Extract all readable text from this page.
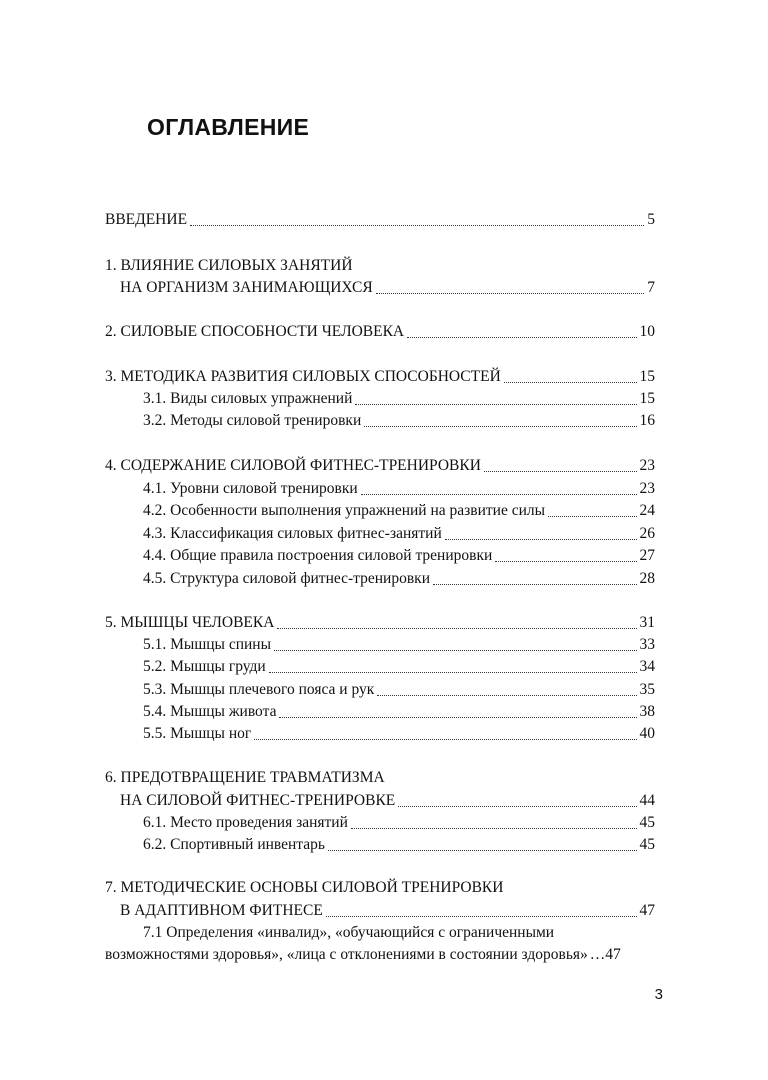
ОГЛАВЛЕНИЕ
ВВЕДЕНИЕ	5
1. ВЛИЯНИЕ СИЛОВЫХ ЗАНЯТИЙ
НА ОРГАНИЗМ ЗАНИМАЮЩИХСЯ	7
2. СИЛОВЫЕ СПОСОБНОСТИ ЧЕЛОВЕКА	10
3. МЕТОДИКА РАЗВИТИЯ СИЛОВЫХ СПОСОБНОСТЕЙ	15
3.1. Виды силовых упражнений	15
3.2. Методы силовой тренировки	16
4. СОДЕРЖАНИЕ СИЛОВОЙ ФИТНЕС-ТРЕНИРОВКИ	23
4.1. Уровни силовой тренировки	23
4.2. Особенности выполнения упражнений на развитие силы	24
4.3. Классификация силовых фитнес-занятий	26
4.4. Общие правила построения силовой тренировки	27
4.5. Структура силовой фитнес-тренировки	28
5. МЫШЦЫ ЧЕЛОВЕКА	31
5.1. Мышцы спины	33
5.2. Мышцы груди	34
5.3. Мышцы плечевого пояса и рук	35
5.4. Мышцы живота	38
5.5. Мышцы ног	40
6. ПРЕДОТВРАЩЕНИЕ ТРАВМАТИЗМА
НА СИЛОВОЙ ФИТНЕС-ТРЕНИРОВКЕ	44
6.1. Место проведения занятий	45
6.2. Спортивный инвентарь	45
7. МЕТОДИЧЕСКИЕ ОСНОВЫ СИЛОВОЙ ТРЕНИРОВКИ
В АДАПТИВНОМ ФИТНЕСЕ	47
7.1 Определения «инвалид», «обучающийся с ограниченными
возможностями здоровья», «лица с отклонениями в состоянии здоровья» …47
3
